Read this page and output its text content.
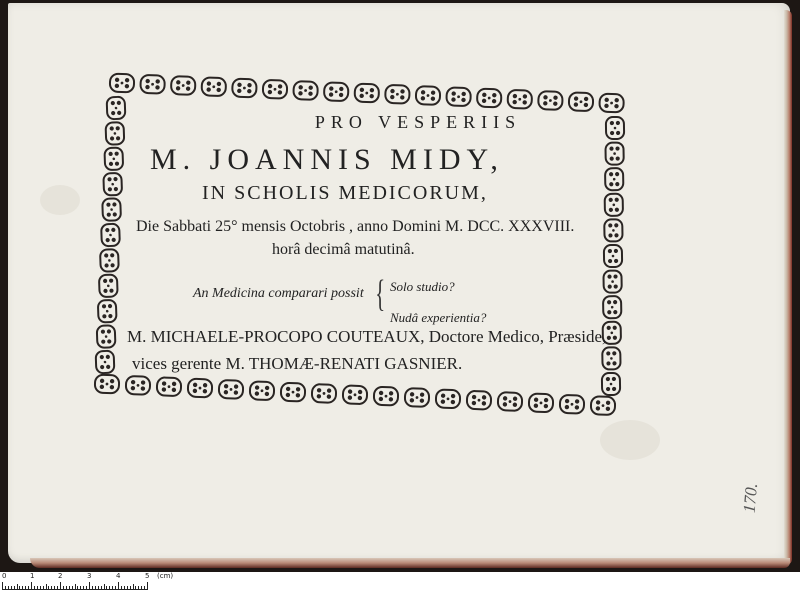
PRO VESPERIIS
M. JOANNIS MIDY,
IN SCHOLIS MEDICORUM,
Die Sabbati 25° mensis Octobris , anno Domini M. DCC. XXXVIII.
horâ decimâ matutinâ.
An Medicina comparari possit { Solo studio?
Nudâ experientia?
M. MICHAELE-PROCOPO COUTEAUX, Doctore Medico, Præside,
vices gerente M. THOMÆ-RENATI GASNIER.
170.
0	1	2	3	4	5 (cm)
